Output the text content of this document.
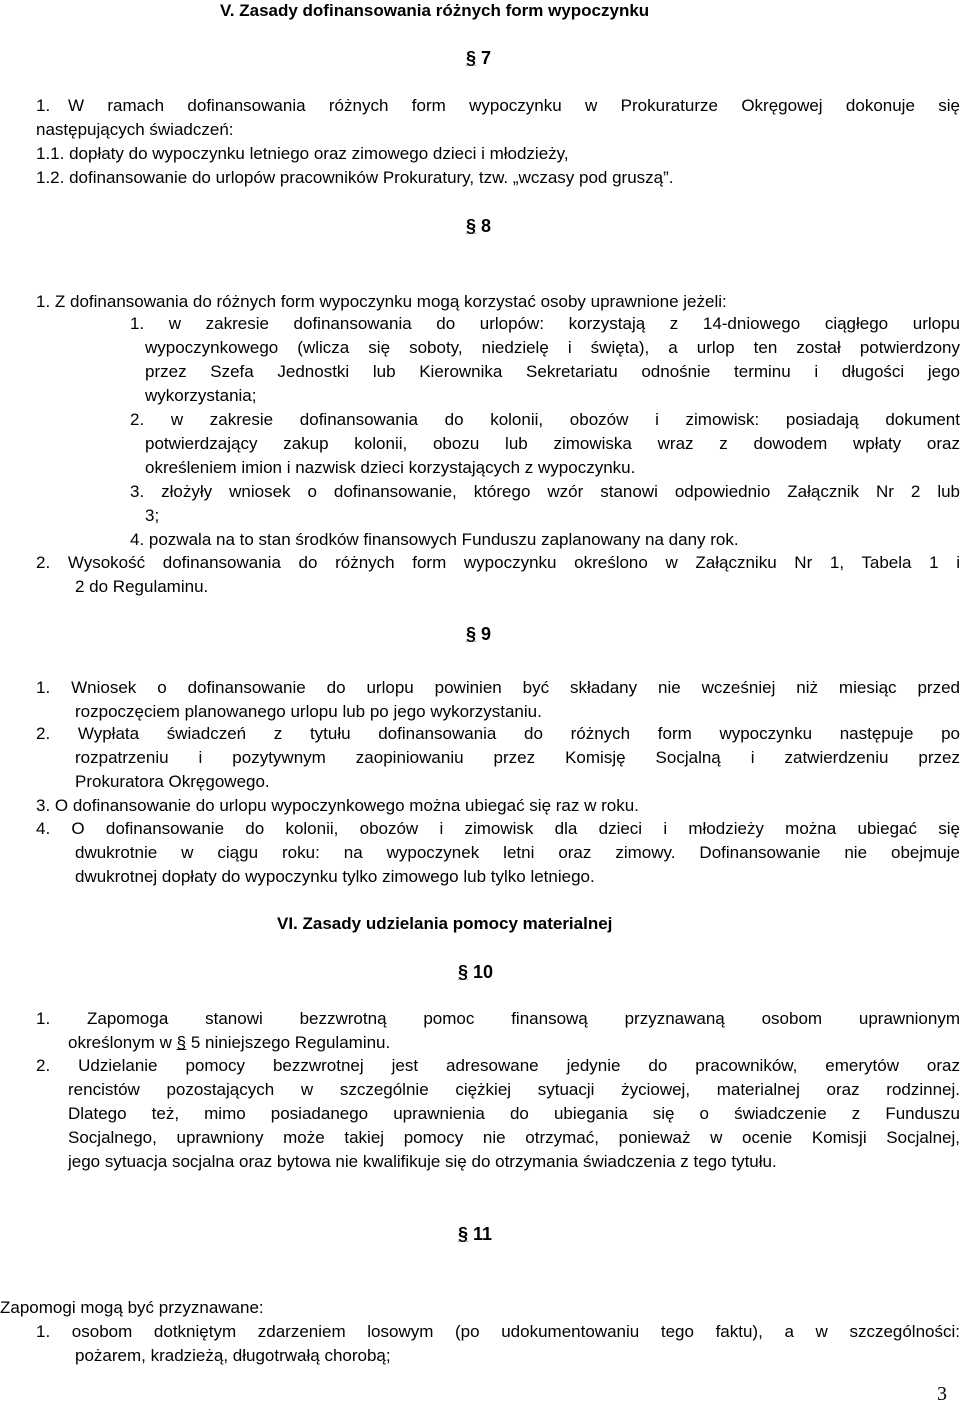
V. Zasady dofinansowania różnych form wypoczynku
§ 7
1. W ramach dofinansowania różnych form wypoczynku w Prokuraturze Okręgowej dokonuje się
następujących świadczeń:
1.1. dopłaty do wypoczynku letniego oraz zimowego dzieci i młodzieży,
1.2. dofinansowanie do urlopów pracowników Prokuratury, tzw. „wczasy pod gruszą”.
§ 8
1. Z dofinansowania do różnych form wypoczynku mogą korzystać osoby uprawnione jeżeli:
1. w zakresie dofinansowania do urlopów: korzystają z 14-dniowego ciągłego urlopu
wypoczynkowego (wlicza się soboty, niedzielę i święta), a urlop ten został potwierdzony
przez Szefa Jednostki lub Kierownika Sekretariatu odnośnie terminu i długości jego
wykorzystania;
2. w zakresie dofinansowania do kolonii, obozów i zimowisk: posiadają dokument
potwierdzający zakup kolonii, obozu lub zimowiska wraz z dowodem wpłaty oraz
określeniem imion i nazwisk dzieci korzystających z wypoczynku.
3. złożyły wniosek o dofinansowanie, którego wzór stanowi odpowiednio Załącznik Nr 2 lub
3;
4. pozwala na to stan środków finansowych Funduszu zaplanowany na dany rok.
2. Wysokość dofinansowania do różnych form wypoczynku określono w Załączniku Nr 1, Tabela 1 i
2 do Regulaminu.
§ 9
1. Wniosek o dofinansowanie do urlopu powinien być składany nie wcześniej niż miesiąc przed
rozpoczęciem planowanego urlopu lub po jego wykorzystaniu.
2. Wypłata świadczeń z tytułu dofinansowania do różnych form wypoczynku następuje po
rozpatrzeniu i pozytywnym zaopiniowaniu przez Komisję Socjalną i zatwierdzeniu przez
Prokuratora Okręgowego.
3. O dofinansowanie do urlopu wypoczynkowego można ubiegać się raz w roku.
4. O dofinansowanie do kolonii, obozów i zimowisk dla dzieci i młodzieży można ubiegać się
dwukrotnie w ciągu roku: na wypoczynek letni oraz zimowy. Dofinansowanie nie obejmuje
dwukrotnej dopłaty do wypoczynku tylko zimowego lub tylko letniego.
VI. Zasady udzielania pomocy materialnej
§ 10
1. Zapomoga stanowi bezzwrotną pomoc finansową przyznawaną osobom uprawnionym
określonym w § 5 niniejszego Regulaminu.
2. Udzielanie pomocy bezzwrotnej jest adresowane jedynie do pracowników, emerytów oraz
rencistów pozostających w szczególnie ciężkiej sytuacji życiowej, materialnej oraz rodzinnej.
Dlatego też, mimo posiadanego uprawnienia do ubiegania się o świadczenie z Funduszu
Socjalnego, uprawniony może takiej pomocy nie otrzymać, ponieważ w ocenie Komisji Socjalnej,
jego sytuacja socjalna oraz bytowa nie kwalifikuje się do otrzymania świadczenia z tego tytułu.
§ 11
Zapomogi mogą być przyznawane:
1. osobom dotkniętym zdarzeniem losowym (po udokumentowaniu tego faktu), a w szczególności:
pożarem, kradzieżą, długotrwałą chorobą;
3
